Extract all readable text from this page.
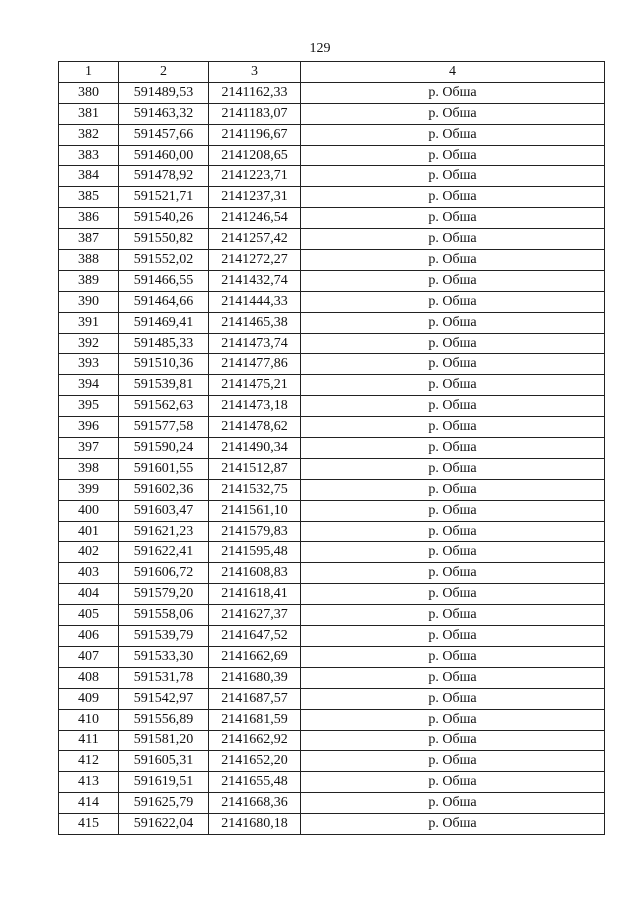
129
1	2	3	4
380	591489,53	2141162,33	р. Обша
381	591463,32	2141183,07	р. Обша
382	591457,66	2141196,67	р. Обша
383	591460,00	2141208,65	р. Обша
384	591478,92	2141223,71	р. Обша
385	591521,71	2141237,31	р. Обша
386	591540,26	2141246,54	р. Обша
387	591550,82	2141257,42	р. Обша
388	591552,02	2141272,27	р. Обша
389	591466,55	2141432,74	р. Обша
390	591464,66	2141444,33	р. Обша
391	591469,41	2141465,38	р. Обша
392	591485,33	2141473,74	р. Обша
393	591510,36	2141477,86	р. Обша
394	591539,81	2141475,21	р. Обша
395	591562,63	2141473,18	р. Обша
396	591577,58	2141478,62	р. Обша
397	591590,24	2141490,34	р. Обша
398	591601,55	2141512,87	р. Обша
399	591602,36	2141532,75	р. Обша
400	591603,47	2141561,10	р. Обша
401	591621,23	2141579,83	р. Обша
402	591622,41	2141595,48	р. Обша
403	591606,72	2141608,83	р. Обша
404	591579,20	2141618,41	р. Обша
405	591558,06	2141627,37	р. Обша
406	591539,79	2141647,52	р. Обша
407	591533,30	2141662,69	р. Обша
408	591531,78	2141680,39	р. Обша
409	591542,97	2141687,57	р. Обша
410	591556,89	2141681,59	р. Обша
411	591581,20	2141662,92	р. Обша
412	591605,31	2141652,20	р. Обша
413	591619,51	2141655,48	р. Обша
414	591625,79	2141668,36	р. Обша
415	591622,04	2141680,18	р. Обша
